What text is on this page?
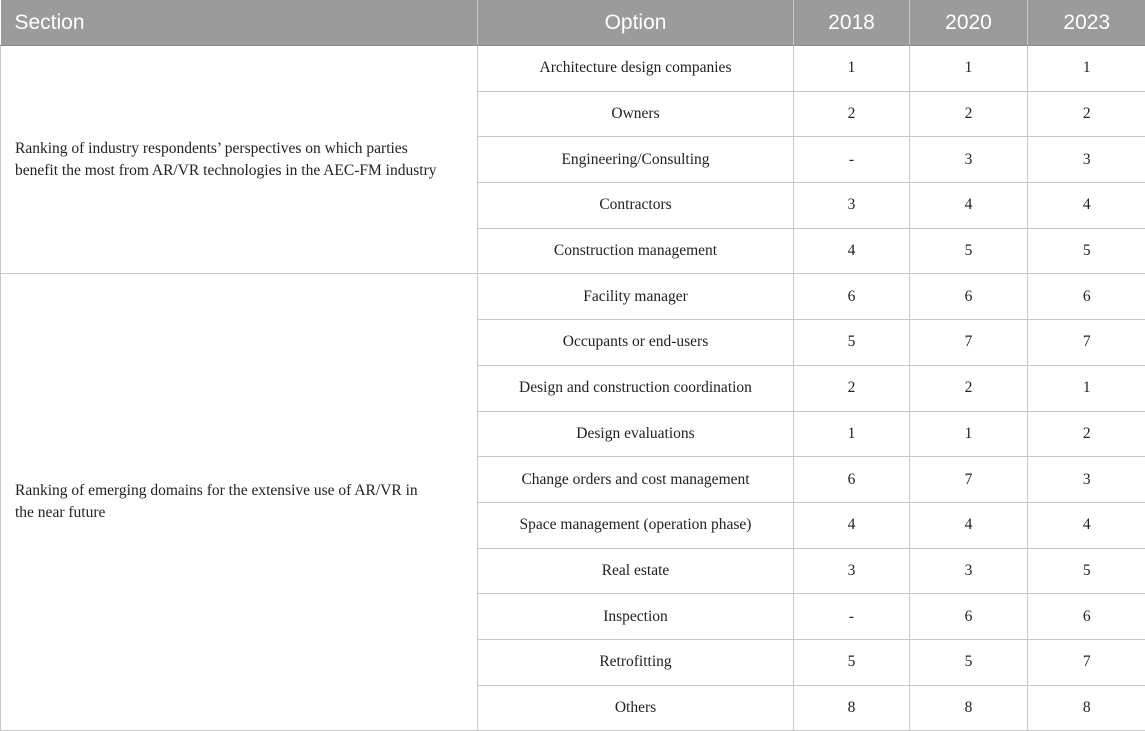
Section	Option	2018	2020	2023
Ranking of industry respondents’ perspectives on which parties benefit the most from AR/VR technologies in the AEC-FM industry	Architecture design companies	1	1	1
	Owners	2	2	2
	Engineering/Consulting	-	3	3
	Contractors	3	4	4
	Construction management	4	5	5
Ranking of emerging domains for the extensive use of AR/VR in the near future	Facility manager	6	6	6
	Occupants or end-users	5	7	7
	Design and construction coordination	2	2	1
	Design evaluations	1	1	2
	Change orders and cost management	6	7	3
	Space management (operation phase)	4	4	4
	Real estate	3	3	5
	Inspection	-	6	6
	Retrofitting	5	5	7
	Others	8	8	8
